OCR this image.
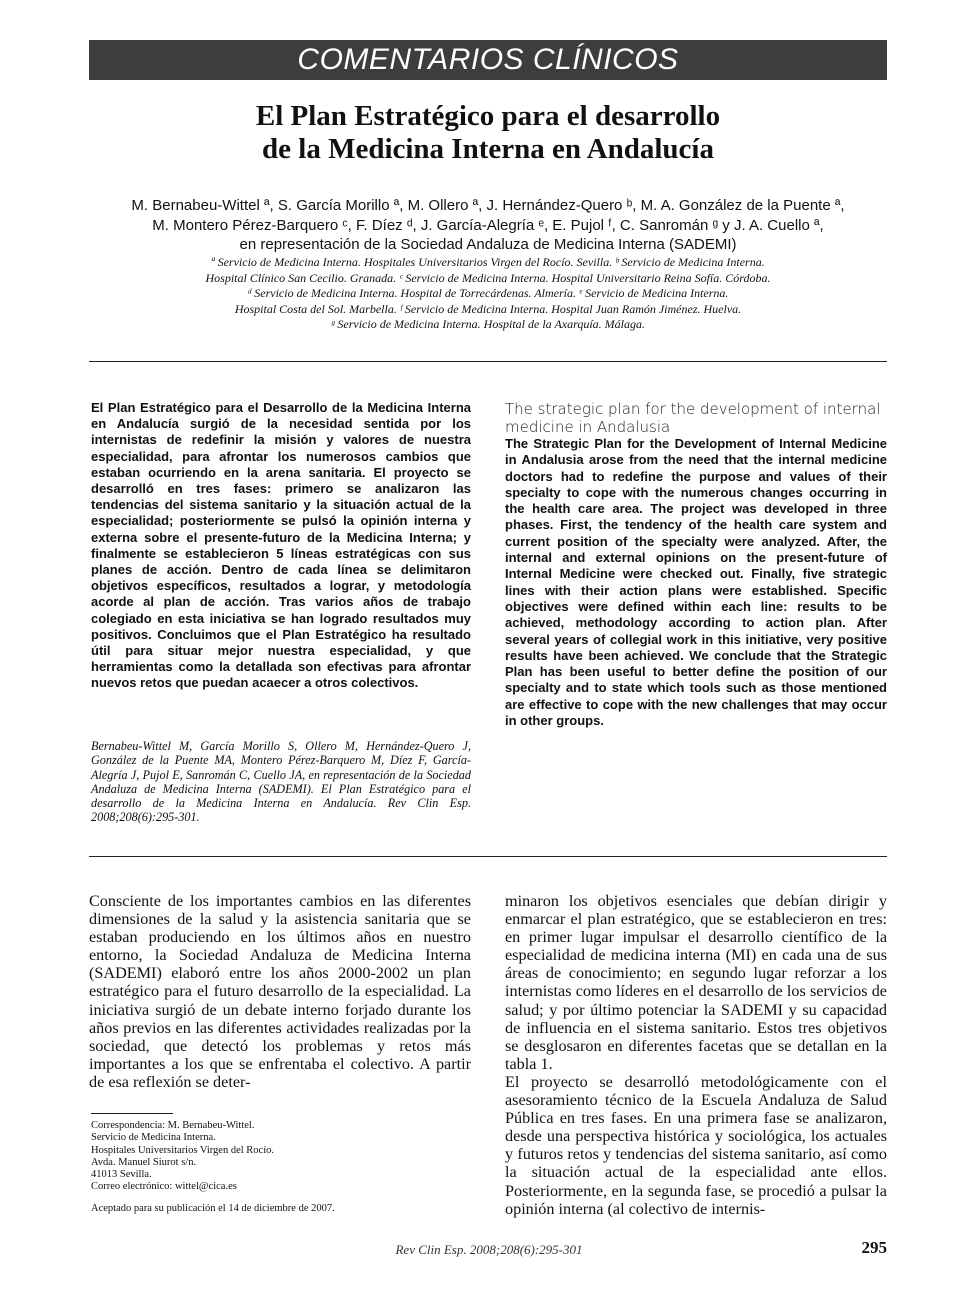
COMENTARIOS CLÍNICOS
El Plan Estratégico para el desarrollo
de la Medicina Interna en Andalucía

M. Bernabeu-Wittel ª, S. García Morillo ª, M. Ollero ª, J. Hernández-Quero ᵇ, M. A. González de la Puente ª,
M. Montero Pérez-Barquero ᶜ, F. Díez ᵈ, J. García-Alegría ᵉ, E. Pujol ᶠ, C. Sanromán ᵍ y J. A. Cuello ª,
en representación de la Sociedad Andaluza de Medicina Interna (SADEMI)

ª Servicio de Medicina Interna. Hospitales Universitarios Virgen del Rocío. Sevilla. ᵇ Servicio de Medicina Interna.
Hospital Clínico San Cecilio. Granada. ᶜ Servicio de Medicina Interna. Hospital Universitario Reina Sofía. Córdoba.
ᵈ Servicio de Medicina Interna. Hospital de Torrecárdenas. Almería. ᵉ Servicio de Medicina Interna.
Hospital Costa del Sol. Marbella. ᶠ Servicio de Medicina Interna. Hospital Juan Ramón Jiménez. Huelva.
ᵍ Servicio de Medicina Interna. Hospital de la Axarquía. Málaga.

El Plan Estratégico para el Desarrollo de la Medicina Interna en Andalucía surgió de la necesidad sentida por los internistas de redefinir la misión y valores de nuestra especialidad, para afrontar los numerosos cambios que estaban ocurriendo en la arena sanitaria. El proyecto se desarrolló en tres fases: primero se analizaron las tendencias del sistema sanitario y la situación actual de la especialidad; posteriormente se pulsó la opinión interna y externa sobre el presente-futuro de la Medicina Interna; y finalmente se establecieron 5 líneas estratégicas con sus planes de acción. Dentro de cada línea se delimitaron objetivos específicos, resultados a lograr, y metodología acorde al plan de acción. Tras varios años de trabajo colegiado en esta iniciativa se han logrado resultados muy positivos. Concluimos que el Plan Estratégico ha resultado útil para situar mejor nuestra especialidad, y que herramientas como la detallada son efectivas para afrontar nuevos retos que puedan acaecer a otros colectivos.

Bernabeu-Wittel M, García Morillo S, Ollero M, Hernández-Quero J, González de la Puente MA, Montero Pérez-Barquero M, Díez F, García-Alegría J, Pujol E, Sanromán C, Cuello JA, en representación de la Sociedad Andaluza de Medicina Interna (SADEMI). El Plan Estratégico para el desarrollo de la Medicina Interna en Andalucía. Rev Clin Esp. 2008;208(6):295-301.

The strategic plan for the development of internal medicine in Andalusia

The Strategic Plan for the Development of Internal Medicine in Andalusia arose from the need that the internal medicine doctors had to redefine the purpose and values of their specialty to cope with the numerous changes occurring in the health care area. The project was developed in three phases. First, the tendency of the health care system and current position of the specialty were analyzed. After, the internal and external opinions on the present-future of Internal Medicine were checked out. Finally, five strategic lines with their action plans were established. Specific objectives were defined within each line: results to be achieved, methodology according to action plan. After several years of collegial work in this initiative, very positive results have been achieved. We conclude that the Strategic Plan has been useful to better define the position of our specialty and to state which tools such as those mentioned are effective to cope with the new challenges that may occur in other groups.

Consciente de los importantes cambios en las diferentes dimensiones de la salud y la asistencia sanitaria que se estaban produciendo en los últimos años en nuestro entorno, la Sociedad Andaluza de Medicina Interna (SADEMI) elaboró entre los años 2000-2002 un plan estratégico para el futuro desarrollo de la especialidad. La iniciativa surgió de un debate interno forjado durante los años previos en las diferentes actividades realizadas por la sociedad, que detectó los problemas y retos más importantes a los que se enfrentaba el colectivo. A partir de esa reflexión se deter-

minaron los objetivos esenciales que debían dirigir y enmarcar el plan estratégico, que se establecieron en tres: en primer lugar impulsar el desarrollo científico de la especialidad de medicina interna (MI) en cada una de sus áreas de conocimiento; en segundo lugar reforzar a los internistas como líderes en el desarrollo de los servicios de salud; y por último potenciar la SADEMI y su capacidad de influencia en el sistema sanitario. Estos tres objetivos se desglosaron en diferentes facetas que se detallan en la tabla 1.

El proyecto se desarrolló metodológicamente con el asesoramiento técnico de la Escuela Andaluza de Salud Pública en tres fases. En una primera fase se analizaron, desde una perspectiva histórica y sociológica, los actuales y futuros retos y tendencias del sistema sanitario, así como la situación actual de la especialidad ante ellos. Posteriormente, en la segunda fase, se procedió a pulsar la opinión interna (al colectivo de internis-

Correspondencia: M. Bernabeu-Wittel.
Servicio de Medicina Interna.
Hospitales Universitarios Virgen del Rocío.
Avda. Manuel Siurot s/n.
41013 Sevilla.
Correo electrónico: wittel@cica.es

Aceptado para su publicación el 14 de diciembre de 2007.

Rev Clin Esp. 2008;208(6):295-301	295
